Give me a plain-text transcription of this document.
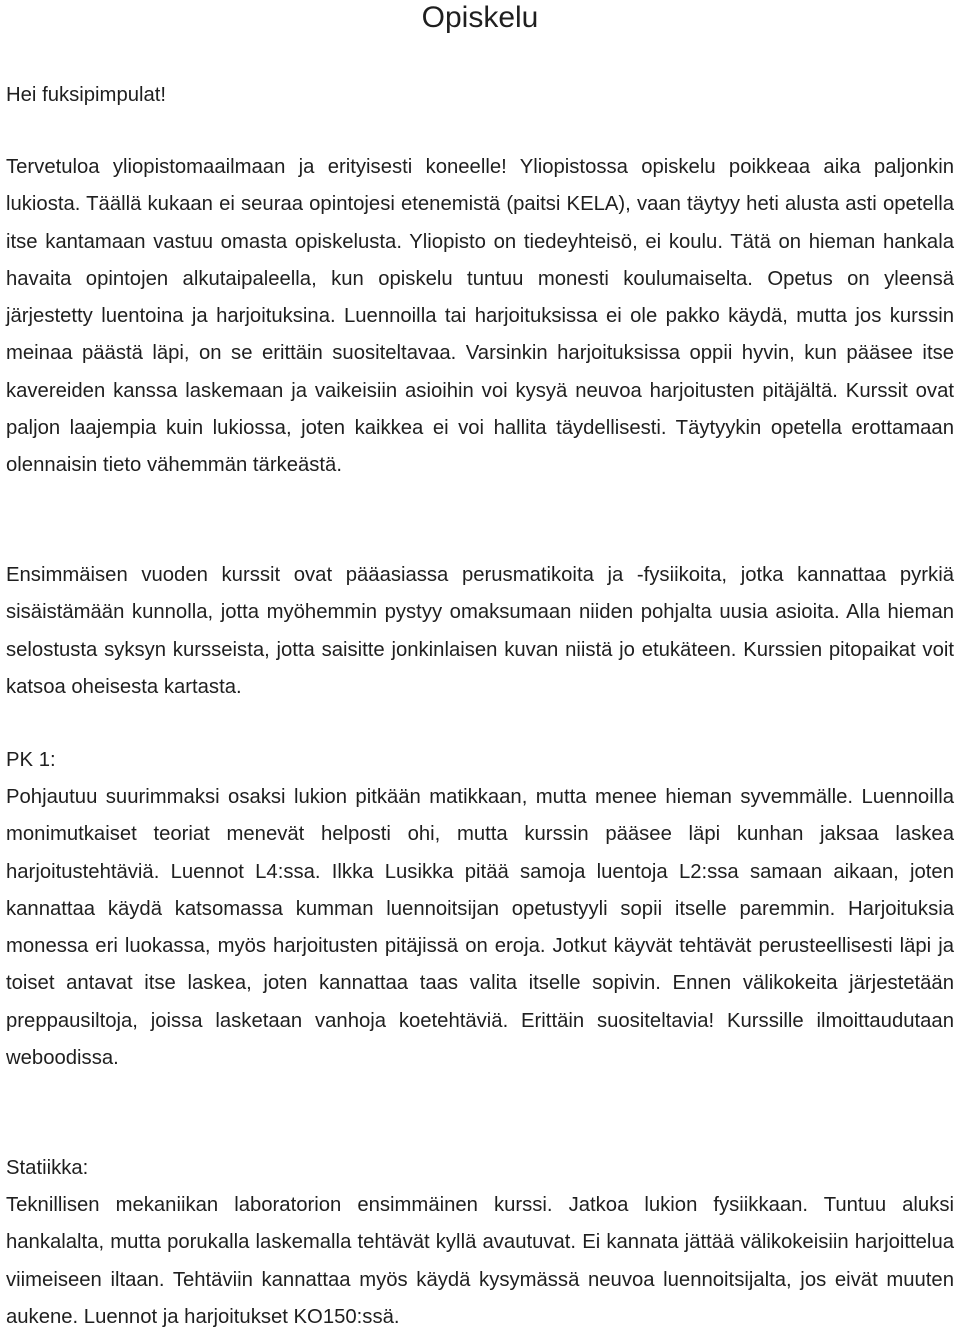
Opiskelu

Hei fuksipimpulat!

Tervetuloa yliopistomaailmaan ja erityisesti koneelle! Yliopistossa opiskelu poikkeaa aika paljonkin lukiosta. Täällä kukaan ei seuraa opintojesi etenemistä (paitsi KELA), vaan täytyy heti alusta asti opetella itse kantamaan vastuu omasta opiskelusta. Yliopisto on tiedeyhteisö, ei koulu. Tätä on hieman hankala havaita opintojen alkutaipaleella, kun opiskelu tuntuu monesti koulumaiselta. Opetus on yleensä järjestetty luentoina ja harjoituksina. Luennoilla tai harjoituksissa ei ole pakko käydä, mutta jos kurssin meinaa päästä läpi, on se erittäin suositeltavaa. Varsinkin harjoituksissa oppii hyvin, kun pääsee itse kavereiden kanssa laskemaan ja vaikeisiin asioihin voi kysyä neuvoa harjoitusten pitäjältä. Kurssit ovat paljon laajempia kuin lukiossa, joten kaikkea ei voi hallita täydellisesti. Täytyykin opetella erottamaan olennaisin tieto vähemmän tärkeästä.

Ensimmäisen vuoden kurssit ovat pääasiassa perusmatikoita ja -fysiikoita, jotka kannattaa pyrkiä sisäistämään kunnolla, jotta myöhemmin pystyy omaksumaan niiden pohjalta uusia asioita. Alla hieman selostusta syksyn kursseista, jotta saisitte jonkinlaisen kuvan niistä jo etukäteen. Kurssien pitopaikat voit katsoa oheisesta kartasta.

PK 1:

Pohjautuu suurimmaksi osaksi lukion pitkään matikkaan, mutta menee hieman syvemmälle. Luennoilla monimutkaiset teoriat menevät helposti ohi, mutta kurssin pääsee läpi kunhan jaksaa laskea harjoitustehtäviä. Luennot L4:ssa. Ilkka Lusikka pitää samoja luentoja L2:ssa samaan aikaan, joten kannattaa käydä katsomassa kumman luennoitsijan opetustyyli sopii itselle paremmin. Harjoituksia monessa eri luokassa, myös harjoitusten pitäjissä on eroja. Jotkut käyvät tehtävät perusteellisesti läpi ja toiset antavat itse laskea, joten kannattaa taas valita itselle sopivin. Ennen välikokeita järjestetään preppausiltoja, joissa lasketaan vanhoja koetehtäviä. Erittäin suositeltavia! Kurssille ilmoittaudutaan weboodissa.

Statiikka:

Teknillisen mekaniikan laboratorion ensimmäinen kurssi. Jatkoa lukion fysiikkaan. Tuntuu aluksi hankalalta, mutta porukalla laskemalla tehtävät kyllä avautuvat. Ei kannata jättää välikokeisiin harjoittelua viimeiseen iltaan. Tehtäviin kannattaa myös käydä kysymässä neuvoa luennoitsijalta, jos eivät muuten aukene. Luennot ja harjoitukset KO150:ssä.
